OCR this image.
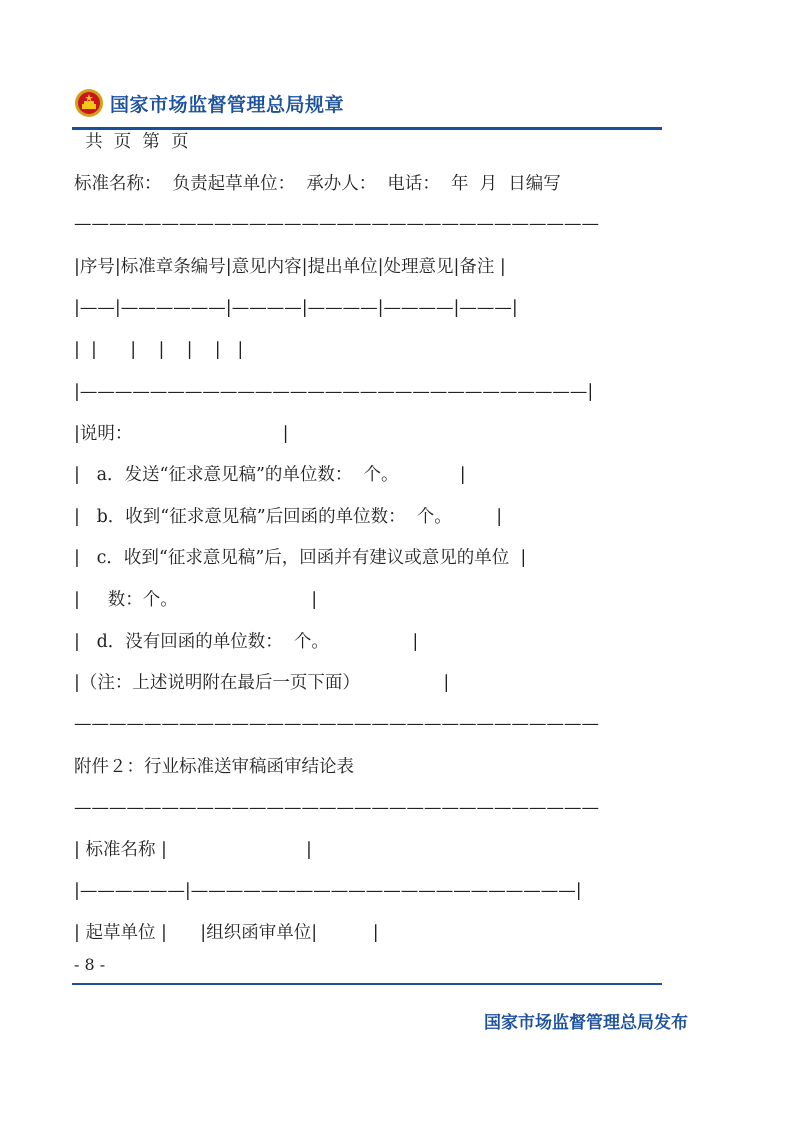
国家市场监督管理总局规章
共  页  第  页
标准名称：  负责起草单位：  承办人：  电话：  年  月  日编写
——————————————————————————————
|序号|标准章条编号|意见内容|提出单位|处理意见|备注 |
|——|——————|————|————|————|———|
|  |      |    |    |    |   |
|—————————————————————————————|
|说明：                           |
|   a．发送“征求意见稿”的单位数：  个。           |
|   b．收到“征求意见稿”后回函的单位数：  个。        |
|   c．收到“征求意见稿”后，回函并有建议或意见的单位  |
|     数：个。                        |
|   d．没有回函的单位数：  个。               |
|（注：上述说明附在最后一页下面）               |
——————————————————————————————
附件２：行业标准送审稿函审结论表
——————————————————————————————
| 标准名称 |                         |
|——————|——————————————————————|
| 起草单位 |      |组织函审单位|          |
- 8 -
国家市场监督管理总局发布
